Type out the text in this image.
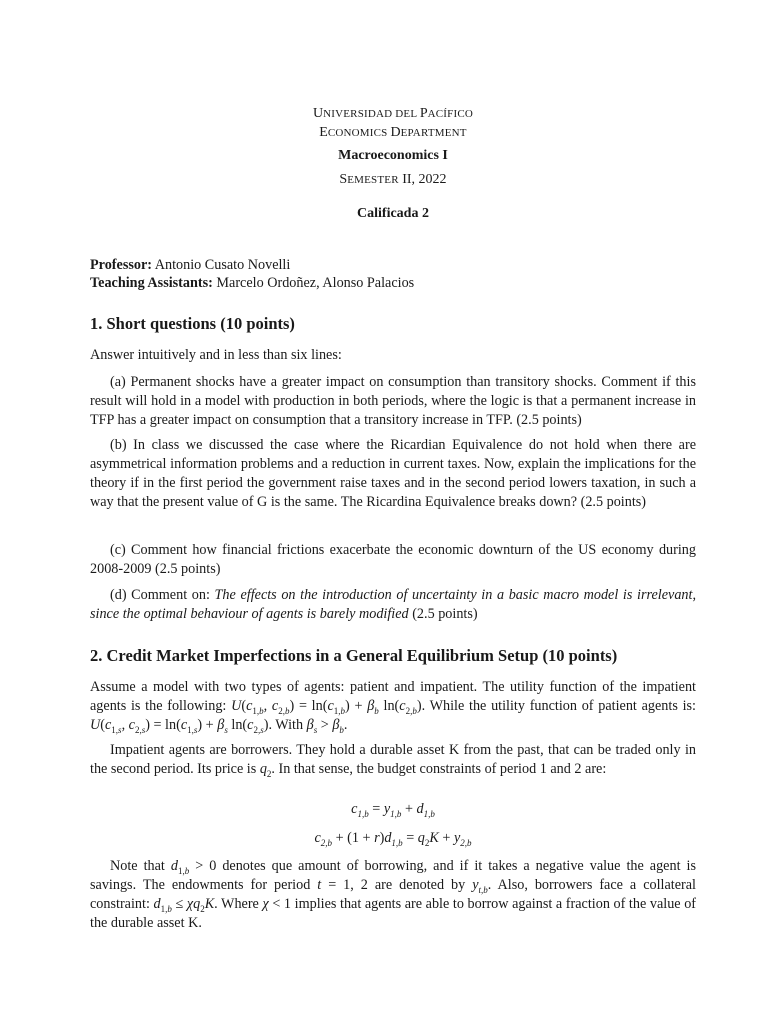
UNIVERSIDAD DEL PACÍFICO
ECONOMICS DEPARTMENT
Macroeconomics I
SEMESTER II, 2022
Calificada 2
Professor: Antonio Cusato Novelli
Teaching Assistants: Marcelo Ordoñez, Alonso Palacios
1. Short questions (10 points)
Answer intuitively and in less than six lines:
(a) Permanent shocks have a greater impact on consumption than transitory shocks. Comment if this result will hold in a model with production in both periods, where the logic is that a permanent increase in TFP has a greater impact on consumption that a transitory increase in TFP. (2.5 points)
(b) In class we discussed the case where the Ricardian Equivalence do not hold when there are asymmetrical information problems and a reduction in current taxes. Now, explain the implications for the theory if in the first period the government raise taxes and in the second period lowers taxation, in such a way that the present value of G is the same. The Ricardina Equivalence breaks down? (2.5 points)
(c) Comment how financial frictions exacerbate the economic downturn of the US economy during 2008-2009 (2.5 points)
(d) Comment on: The effects on the introduction of uncertainty in a basic macro model is irrelevant, since the optimal behaviour of agents is barely modified (2.5 points)
2. Credit Market Imperfections in a General Equilibrium Setup (10 points)
Assume a model with two types of agents: patient and impatient. The utility function of the impatient agents is the following: $U(c_{1,b}$, $c_{2,b}) = \ln(c_{1,b}) + \beta_b$ $\ln(c_{2,b})$. While the utility function of patient agents is: $U(c_{1,s}$, $c_{2,s}) = \ln(c_{1,s}) + \beta_s$ $\ln(c_{2,s})$. With $\beta_s > \beta_b$.
Impatient agents are borrowers. They hold a durable asset K from the past, that can be traded only in the second period. Its price is $q_2$. In that sense, the budget constraints of period 1 and 2 are:
$c_{1,b} = y_{1,b} + d_{1,b}$
$c_{2,b} + (1 + r)d_{1,b} = q_2K + y_{2,b}$
Note that $d_{1,b} > 0$ denotes que amount of borrowing, and if it takes a negative value the agent is savings. The endowments for period t = 1, 2 are denoted by $y_{t,b}$. Also, borrowers face a collateral constraint: $d_{1,b} \le \chi q_2K$. Where χ < 1 implies that agents are able to borrow against a fraction of the value of the durable asset K.
